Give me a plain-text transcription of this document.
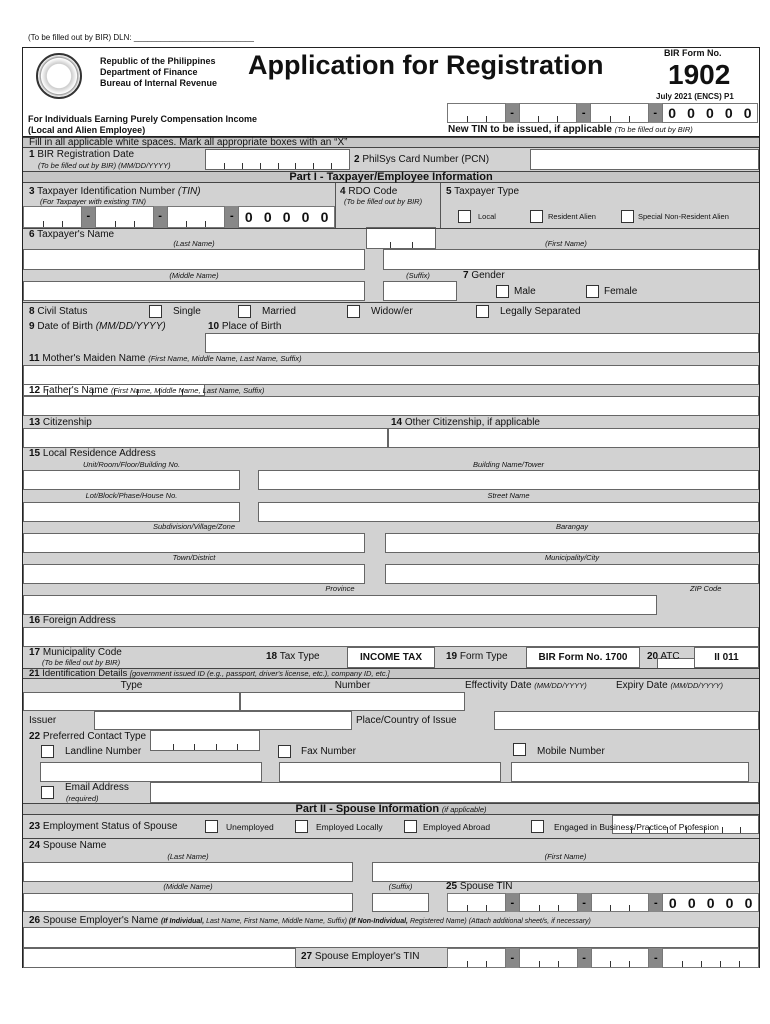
(To be filled out by BIR) DLN: ___________________________
Republic of the Philippines
Department of Finance
Bureau of Internal Revenue
Application for Registration	BIR Form No.
1902
July 2021 (ENCS) P1
For Individuals Earning Purely Compensation Income
(Local and Alien Employee)
-	-	- 0 0 0 0 0
New TIN to be issued, if applicable (To be filled out by BIR)
Fill in all applicable white spaces. Mark all appropriate boxes with an “X”
1 BIR Registration Date
(To be filled out by BIR) (MM/DD/YYYY)
2 PhilSys Card Number (PCN)
Part I - Taxpayer/Employee Information
3 Taxpayer Identification Number (TIN)
(For Taxpayer with existing TIN)
-	-	- 0 0 0 0 0
4 RDO Code
(To be filled out by BIR)
5 Taxpayer Type
Local	Resident Alien	Special Non-Resident Alien
6 Taxpayer's Name
(Last Name)	(First Name)
(Middle Name)	(Suffix)	7 Gender
Male	Female
8 Civil Status	Single	Married	Widow/er	Legally Separated
9 Date of Birth (MM/DD/YYYY)	10 Place of Birth
11 Mother's Maiden Name (First Name, Middle Name, Last Name, Suffix)
12 Father's Name (First Name, Middle Name, Last Name, Suffix)
13 Citizenship	14 Other Citizenship, if applicable
15 Local Residence Address
Unit/Room/Floor/Building No.	Building Name/Tower
Lot/Block/Phase/House No.	Street Name
Subdivision/Village/Zone	Barangay
Town/District	Municipality/City
Province	ZIP Code
16 Foreign Address
17 Municipality Code
(To be filled out by BIR)
18 Tax Type	INCOME TAX	19 Form Type	BIR Form No. 1700	20 ATC	II 011
21 Identification Details [government issued ID (e.g., passport, driver's license, etc.), company ID, etc.]
Type	Number	Effectivity Date (MM/DD/YYYY)	Expiry Date (MM/DD/YYYY)
Issuer	Place/Country of Issue
22 Preferred Contact Type
Landline Number	Fax Number	Mobile Number
Email Address
(required)
Part II - Spouse Information (if applicable)
23 Employment Status of Spouse	Unemployed	Employed Locally	Employed Abroad	Engaged in Business/Practice of Profession
24 Spouse Name
(Last Name)	(First Name)
(Middle Name)	(Suffix)	25 Spouse TIN
-	-	- 0 0 0 0 0
26 Spouse Employer's Name (If Individual, Last Name, First Name, Middle Name, Suffix) (If Non-Individual, Registered Name) (Attach additional sheet/s, if necessary)
27 Spouse Employer's TIN	-	-	-
